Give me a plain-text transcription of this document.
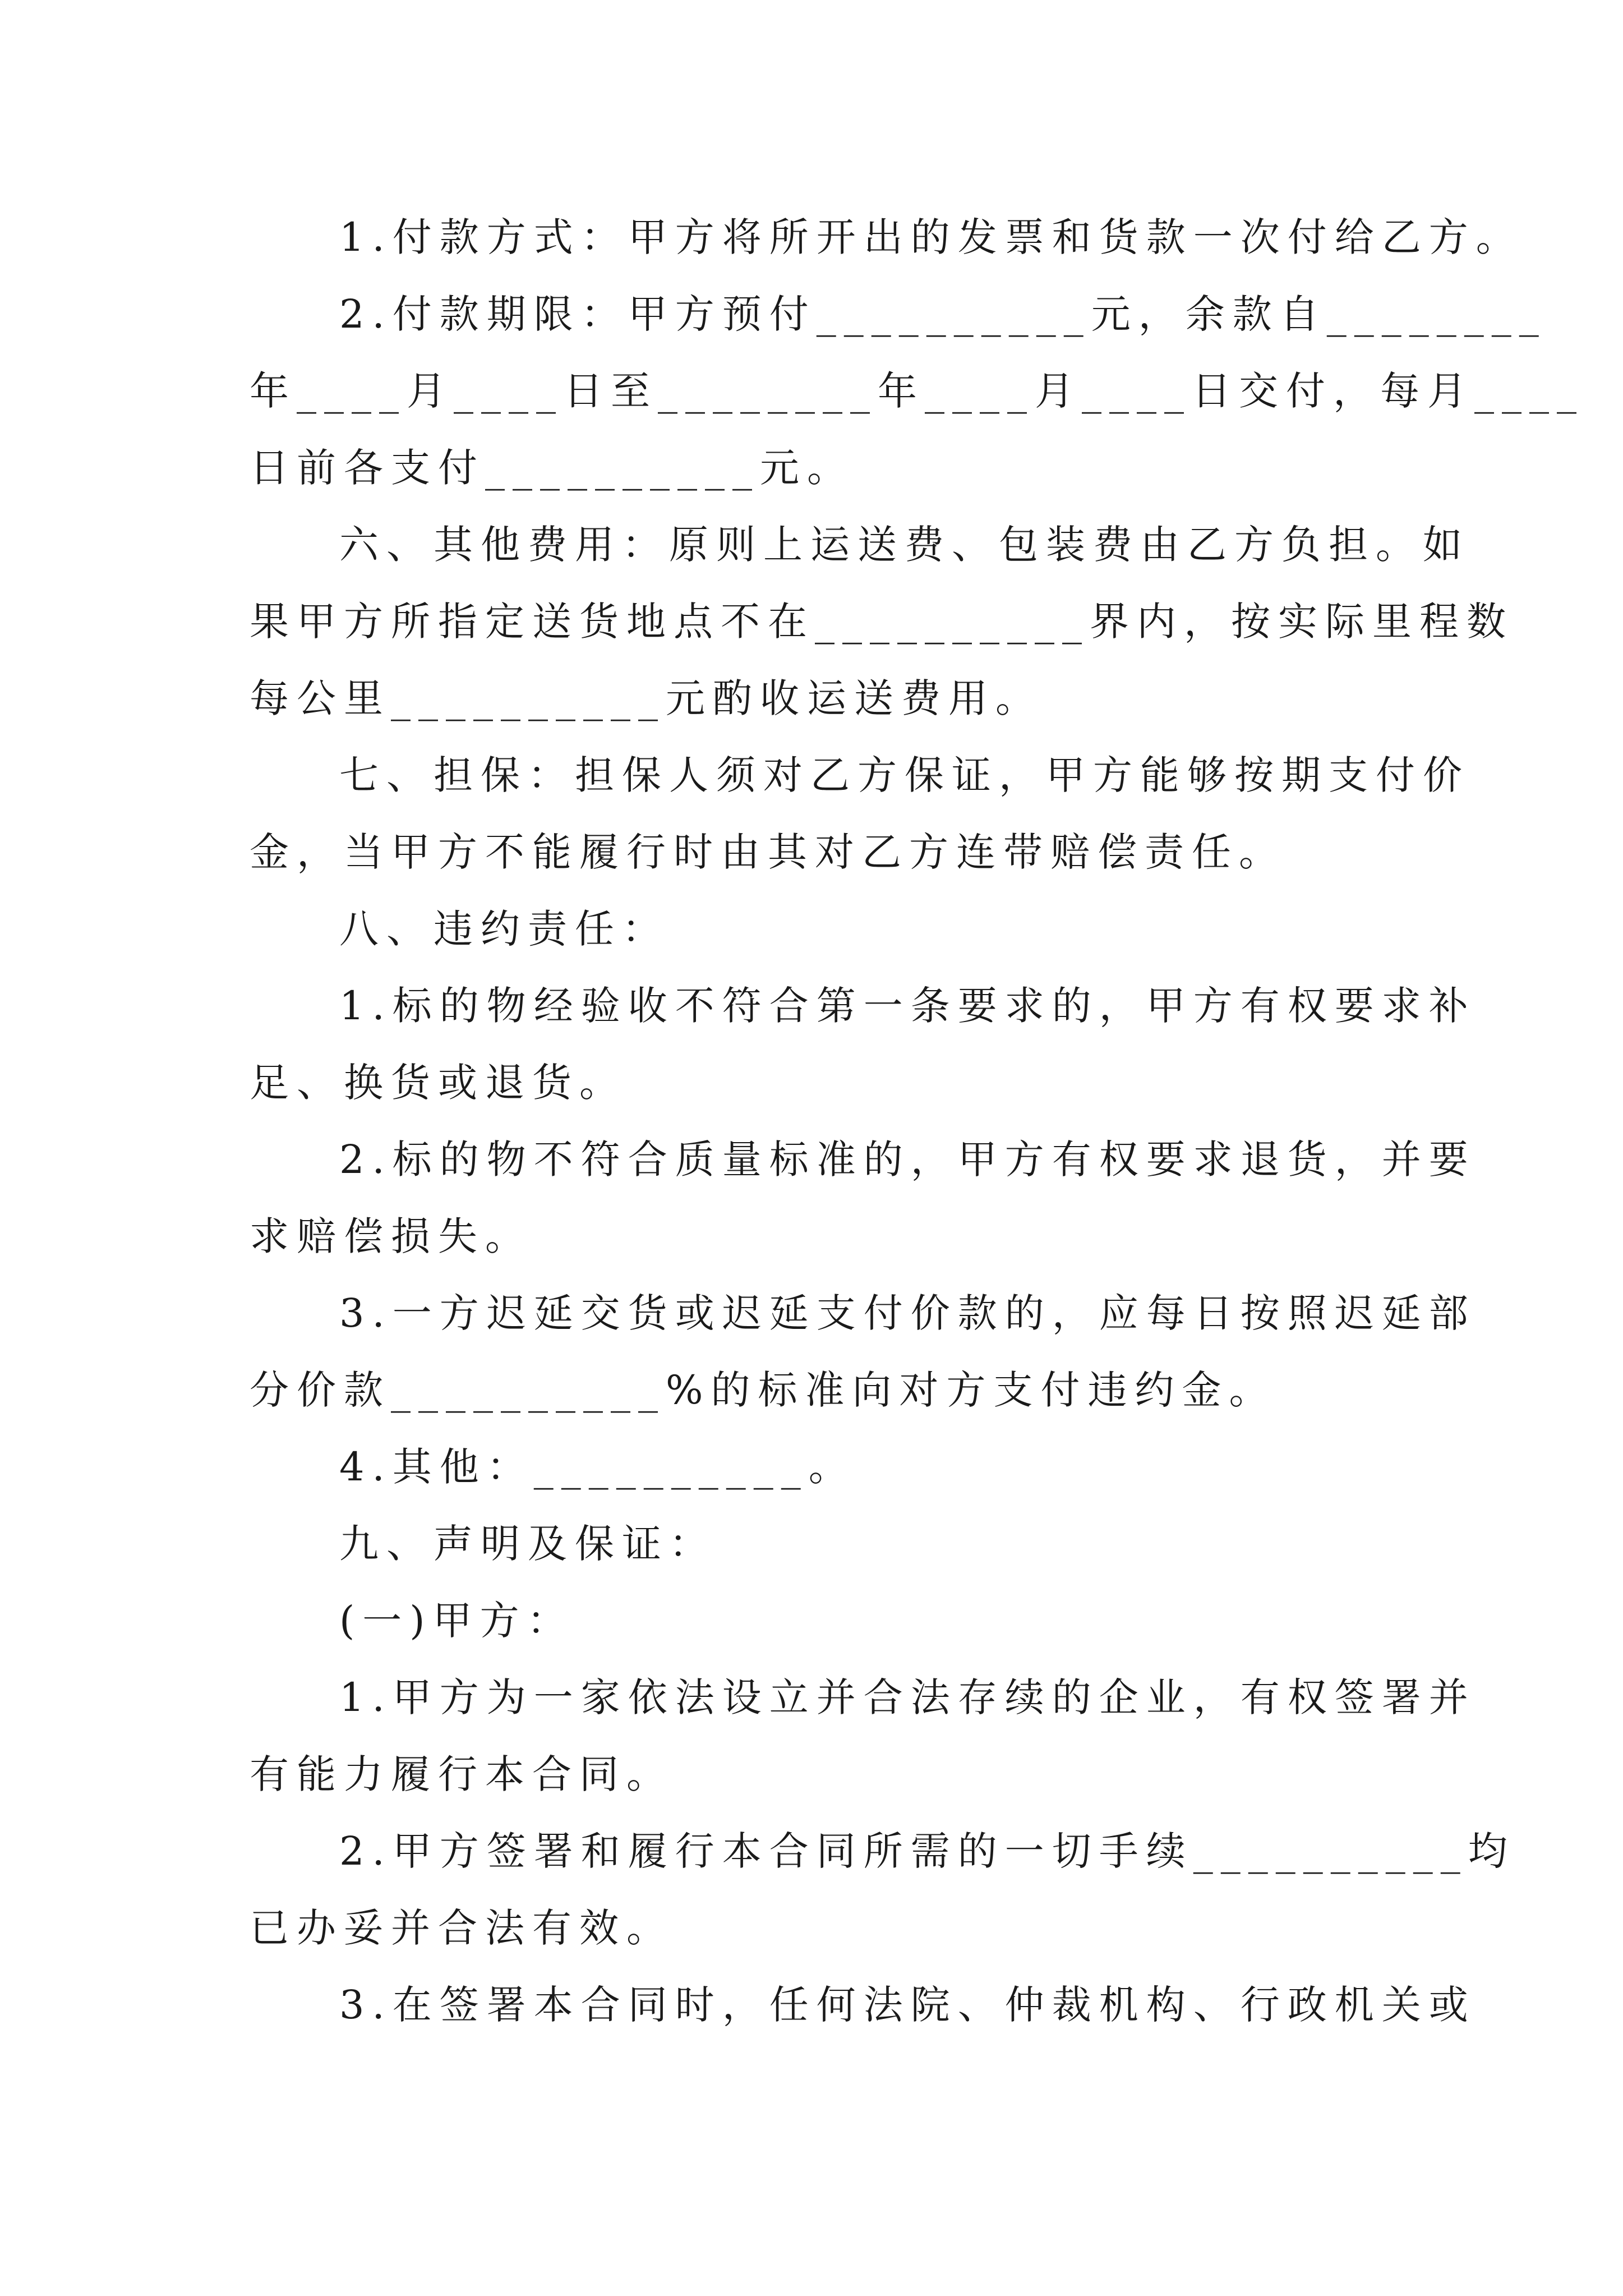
1.付款方式：甲方将所开出的发票和货款一次付给乙方。
2.付款期限：甲方预付__________元，余款自________
年____月____日至________年____月____日交付，每月____
日前各支付__________元。
六、其他费用：原则上运送费、包装费由乙方负担。如
果甲方所指定送货地点不在__________界内，按实际里程数
每公里__________元酌收运送费用。
七、担保：担保人须对乙方保证，甲方能够按期支付价
金，当甲方不能履行时由其对乙方连带赔偿责任。
八、违约责任：
1.标的物经验收不符合第一条要求的，甲方有权要求补
足、换货或退货。
2.标的物不符合质量标准的，甲方有权要求退货，并要
求赔偿损失。
3.一方迟延交货或迟延支付价款的，应每日按照迟延部
分价款__________%的标准向对方支付违约金。
4.其他：__________。
九、声明及保证：
(一)甲方：
1.甲方为一家依法设立并合法存续的企业，有权签署并
有能力履行本合同。
2.甲方签署和履行本合同所需的一切手续__________均
已办妥并合法有效。
3.在签署本合同时，任何法院、仲裁机构、行政机关或
